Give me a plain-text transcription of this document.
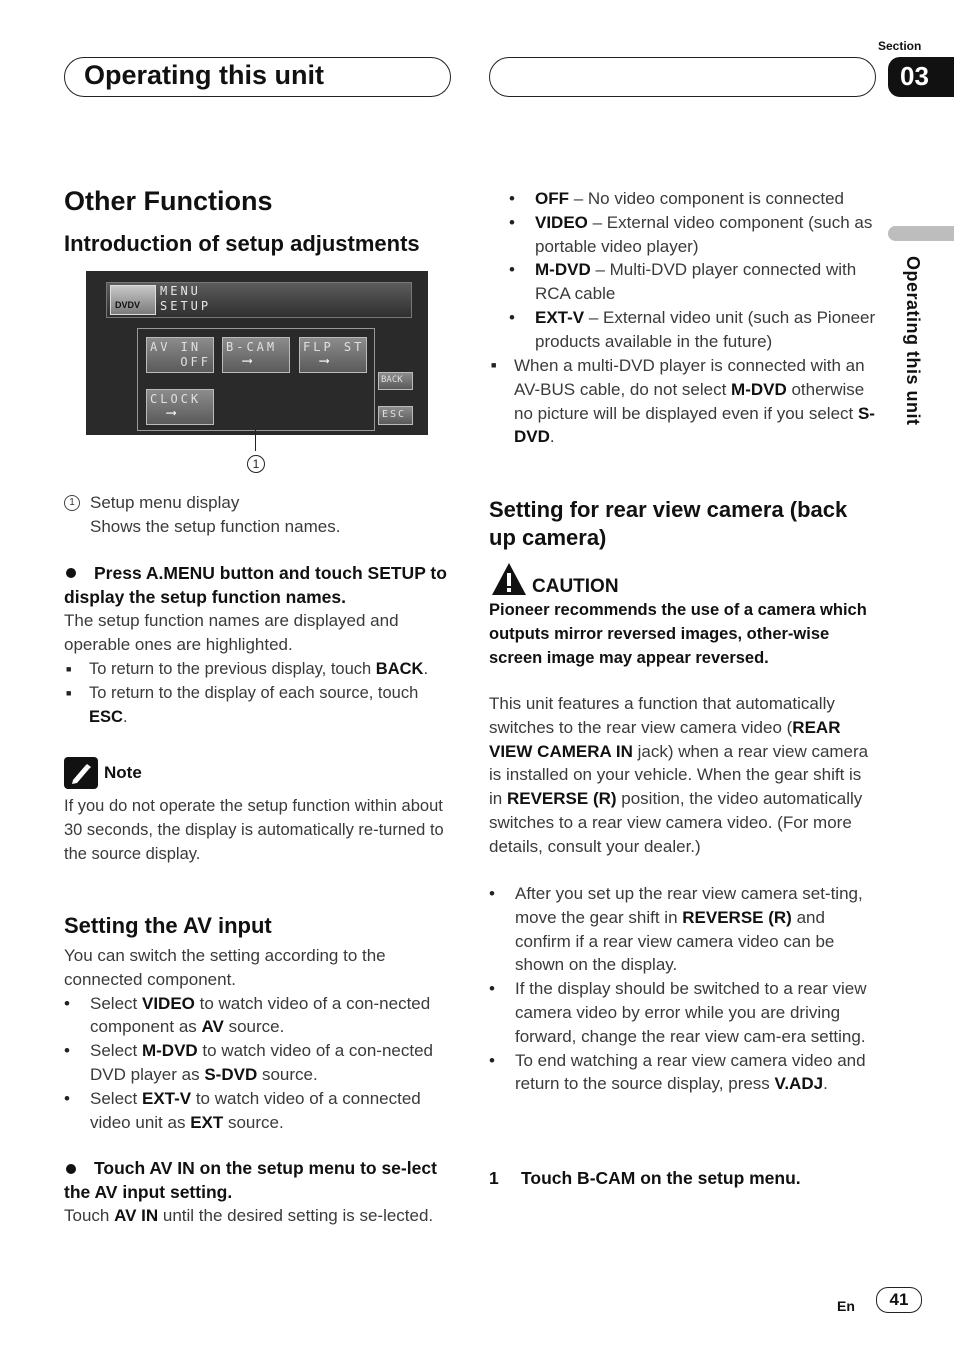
Operating this unit
Section
03
Operating this unit
Other Functions
Introduction of setup adjustments
DVDV
MENU
SETUP
AV IN
OFF
B-CAM
⟶
FLP ST
⟶
CLOCK
⟶
BACK
ESC
1
1 Setup menu display
Shows the setup function names.
Press A.MENU button and touch SETUP to display the setup function names.
The setup function names are displayed and operable ones are highlighted.
■ To return to the previous display, touch BACK.
■ To return to the display of each source, touch ESC.
Note
If you do not operate the setup function within about 30 seconds, the display is automatically re-turned to the source display.
Setting the AV input
You can switch the setting according to the connected component.
• Select VIDEO to watch video of a con-nected component as AV source.
• Select M-DVD to watch video of a con-nected DVD player as S-DVD source.
• Select EXT-V to watch video of a connected video unit as EXT source.
Touch AV IN on the setup menu to se-lect the AV input setting.
Touch AV IN until the desired setting is se-lected.
• OFF – No video component is connected
• VIDEO – External video component (such as portable video player)
• M-DVD – Multi-DVD player connected with RCA cable
• EXT-V – External video unit (such as Pioneer products available in the future)
■ When a multi-DVD player is connected with an AV-BUS cable, do not select M-DVD otherwise no picture will be displayed even if you select S-DVD.
Setting for rear view camera (back up camera)
CAUTION
Pioneer recommends the use of a camera which outputs mirror reversed images, other-wise screen image may appear reversed.
This unit features a function that automatically switches to the rear view camera video (REAR VIEW CAMERA IN jack) when a rear view camera is installed on your vehicle. When the gear shift is in REVERSE (R) position, the video automatically switches to a rear view camera video. (For more details, consult your dealer.)
• After you set up the rear view camera set-ting, move the gear shift in REVERSE (R) and confirm if a rear view camera video can be shown on the display.
• If the display should be switched to a rear view camera video by error while you are driving forward, change the rear view cam-era setting.
• To end watching a rear view camera video and return to the source display, press V.ADJ.
1 Touch B-CAM on the setup menu.
En	41
